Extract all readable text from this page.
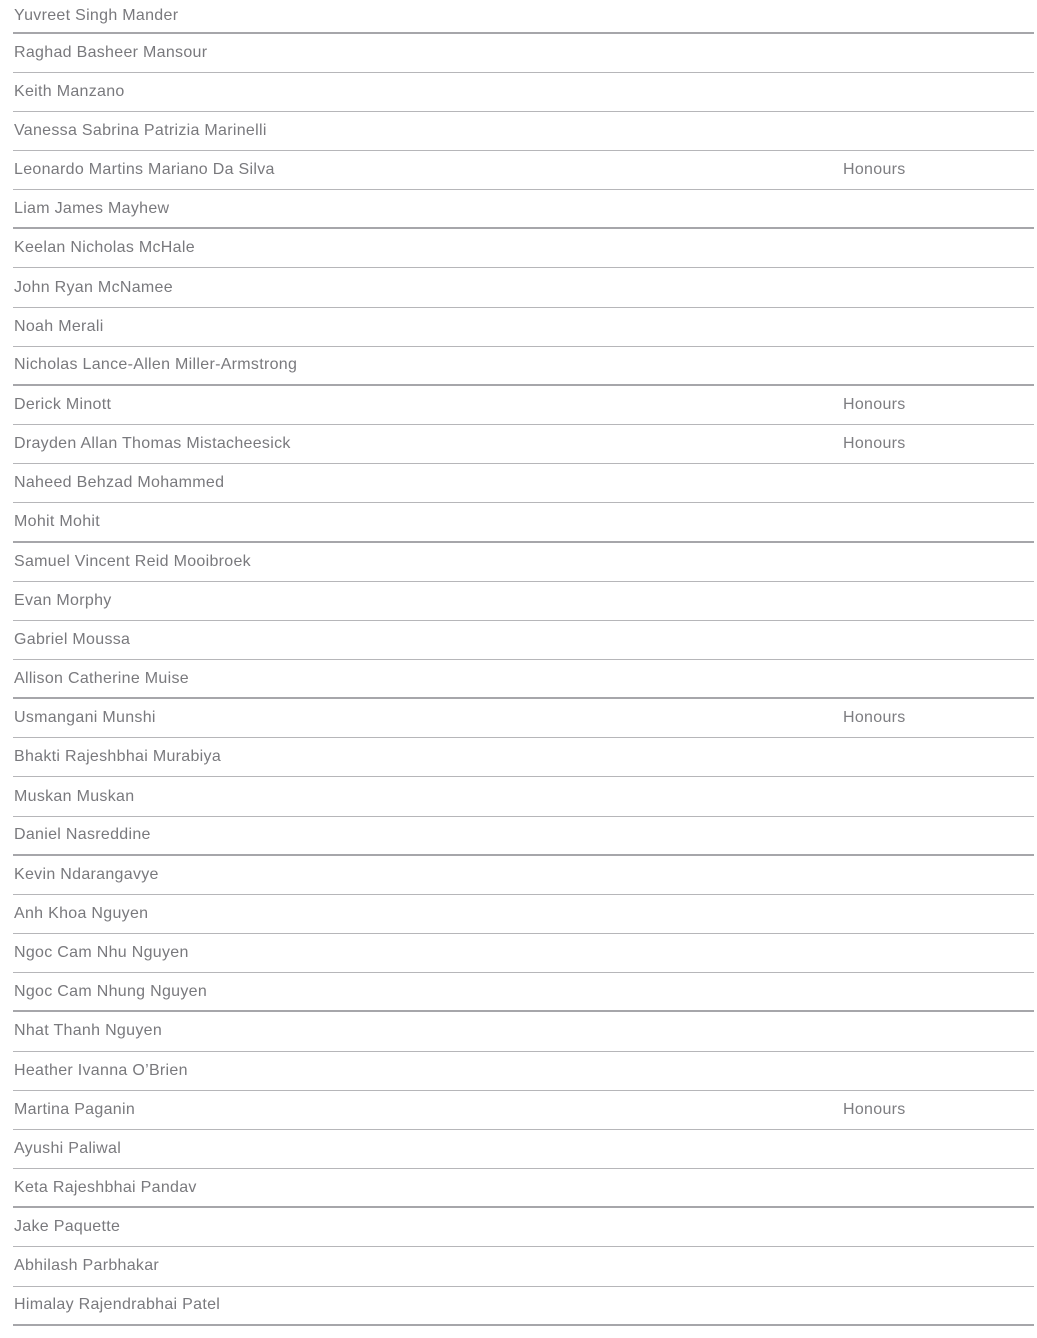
Yuvreet Singh Mander
Raghad Basheer Mansour
Keith Manzano
Vanessa Sabrina Patrizia Marinelli
Leonardo Martins Mariano Da Silva	Honours
Liam James Mayhew
Keelan Nicholas McHale
John Ryan McNamee
Noah Merali
Nicholas Lance-Allen Miller-Armstrong
Derick Minott	Honours
Drayden Allan Thomas Mistacheesick	Honours
Naheed Behzad Mohammed
Mohit Mohit
Samuel Vincent Reid Mooibroek
Evan Morphy
Gabriel Moussa
Allison Catherine Muise
Usmangani Munshi	Honours
Bhakti Rajeshbhai Murabiya
Muskan Muskan
Daniel Nasreddine
Kevin Ndarangavye
Anh Khoa Nguyen
Ngoc Cam Nhu Nguyen
Ngoc Cam Nhung Nguyen
Nhat Thanh Nguyen
Heather Ivanna O’Brien
Martina Paganin	Honours
Ayushi Paliwal
Keta Rajeshbhai Pandav
Jake Paquette
Abhilash Parbhakar
Himalay Rajendrabhai Patel
